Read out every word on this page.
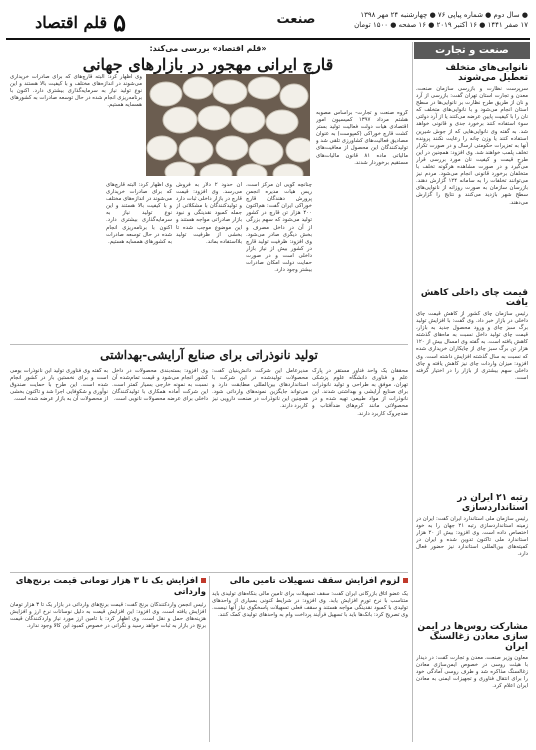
۵
قلم اقتصاد	صنعت	● سال دوم ● شماره پیاپی ۷۶ ● چهارشنبه ۲۴ مهر ۱۳۹۸
۱۷ صفر ۱۴۴۱ ● ۱۶ اکتبر ۲۰۱۹ ● ۱۶ صفحه ● ۱۵۰۰ تومان
صنعت و تجارت
نانوایی‌های متخلف تعطیل می‌شوند
سرپرست نظارت و بازرسی سازمان صنعت، معدن و تجارت استان تهران گفت: بازرسی از آرد و نان از طریق طرح نظارت بر نانوایی‌ها در سطح استان انجام می‌شود و با نانوایی‌های متخلف که نان را با کیفیت پایین عرضه می‌کنند یا از آرد دولتی سوء استفاده کنند برخورد جدی و قانونی خواهد شد. به گفته وی نانوایی‌هایی که از جوش شیرین استفاده کنند یا وزن چانه را رعایت نکنند پرونده آنها به تعزیرات حکومتی ارسال و در صورت تکرار تخلف پلمب خواهند شد. وی افزود: همچنین در این طرح قیمت و کیفیت نان مورد بررسی قرار می‌گیرد و در صورت مشاهده هرگونه تخلف با متخلفان برخورد قانونی انجام می‌شود. مردم نیز می‌توانند تخلفات را به سامانه ۱۲۴ گزارش دهند. بازرسان سازمان به صورت روزانه از نانوایی‌های سطح شهر بازدید می‌کنند و نتایج را گزارش می‌دهند.
قیمت چای داخلی کاهش یافت
رئیس سازمان چای کشور از کاهش قیمت چای داخلی در بازار خبر داد. وی گفت: با افزایش تولید برگ سبز چای و ورود محصول جدید به بازار، قیمت چای تولید داخل نسبت به ماه‌های گذشته کاهش یافته است. به گفته وی امسال بیش از ۱۲۰ هزار تن برگ سبز چای از چایکاران خریداری شده که نسبت به سال گذشته افزایش داشته است. وی افزود: میزان واردات چای نیز کاهش یافته و چای داخلی سهم بیشتری از بازار را در اختیار گرفته است.
رتبه ۲۱ ایران در استانداردسازی
رئیس سازمان ملی استاندارد ایران گفت: ایران در زمینه استانداردسازی رتبه ۲۱ جهان را به خود اختصاص داده است. وی افزود: بیش از ۲۰ هزار استاندارد ملی تاکنون تدوین شده و ایران در کمیته‌های بین‌المللی استاندارد نیز حضور فعال دارد.
مشارکت روس‌ها در ایمن سازی معادن زغالسنگ ایران
معاون وزیر صنعت، معدن و تجارت گفت: در دیدار با هیئت روسی در خصوص ایمن‌سازی معادن زغالسنگ مذاکره شد و طرف روسی آمادگی خود را برای انتقال فناوری و تجهیزات ایمنی به معادن ایران اعلام کرد.
«قلم اقتصاد» بررسی می‌کند:
قارچ ایرانی مهجور در بازارهای جهانی
گروه صنعت و تجارت- براساس مصوبه هشتم مرداد ۱۳۹۷ کمیسیون امور اقتصادی هیات دولت فعالیت تولید بستر کشت قارچ خوراکی (کمپوست) به عنوان مصادیق فعالیت‌های کشاورزی تلقی شد و تولیدکنندگان این محصول از معافیت‌های مالیاتی ماده ۸۱ قانون مالیات‌های مستقیم برخوردار شدند.
چنانچه گویی آن مرکز است، ریس هیات مدیره انجمن پرورش دهندگان قارچ خوراکی ایران گفت: هم‌اکنون ۴۰۰ هزار تن قارچ در کشور تولید می‌شود که سهم بزرگی از آن در داخل مصرف و بخش دیگری صادر می‌شود. وی افزود: ظرفیت تولید قارچ در کشور بیش از نیاز بازار داخلی است و در صورت حمایت دولت امکان صادرات بیشتر وجود دارد.
آن حدود ۲ دلار به فروش می‌رسد. وی افزود: قیمت قارچ در بازار داخلی ثبات دارد و تولیدکنندگان با مشکلاتی از جمله کمبود نقدینگی و نبود بازار صادراتی مواجه هستند و این موضوع موجب شده تا بخشی از ظرفیت تولید بلااستفاده بماند.
وی اظهار کرد: البته قارچ‌های که برای صادرات خریداری می‌شوند در اندازه‌های مختلف و با کیفیت بالا هستند و این نوع تولید نیاز به سرمایه‌گذاری بیشتری دارد. اکنون با برنامه‌ریزی انجام شده در حال توسعه صادرات به کشورهای همسایه هستیم.
وی اظهار کرد: البته قارچ‌های که برای صادرات خریداری می‌شوند در اندازه‌های مختلف و با کیفیت بالا هستند و این نوع تولید نیاز به سرمایه‌گذاری بیشتری دارد. اکنون با برنامه‌ریزی انجام شده در حال توسعه صادرات به کشورهای همسایه هستیم.
تولید نانوذراتی برای صنایع آرایشی-بهداشتی
محققان یک واحد فناور مستقر در پارک علم و فناوری دانشگاه علوم پزشکی تهران، موفق به طراحی و تولید نانوذرات برای صنایع آرایشی و بهداشتی شدند. این نانوذرات از مواد طبیعی تهیه شده و در محصولاتی مانند کرم‌های ضدآفتاب و ضدچروک کاربرد دارند.
مدیرعامل این شرکت دانش‌بنیان گفت: محصولات تولیدشده در این شرکت با استانداردهای بین‌المللی مطابقت دارد و می‌تواند جایگزین نمونه‌های وارداتی شود. همچنین این نانوذرات در صنعت دارویی نیز کاربرد دارند.
وی افزود: بسته‌بندی محصولات در داخل کشور انجام می‌شود و قیمت تمام‌شده آن نسبت به نمونه خارجی بسیار کمتر است. این شرکت آماده همکاری با تولیدکنندگان داخلی برای عرضه محصولات نانویی است.
به گفته وی فناوری تولید این نانوذرات بومی است و برای نخستین بار در کشور انجام شده است. این طرح با حمایت صندوق نوآوری و شکوفایی اجرا شد و تاکنون بخشی از محصولات آن به بازار عرضه شده است.
لزوم افزایش سقف تسهیلات تامین مالی
یک عضو اتاق بازرگانی ایران گفت: سقف تسهیلات برای تأمین مالی بنگاه‌های تولیدی باید متناسب با نرخ تورم افزایش یابد. وی افزود: در شرایط کنونی بسیاری از واحدهای تولیدی با کمبود نقدینگی مواجه هستند و سقف فعلی تسهیلات پاسخگوی نیاز آنها نیست. وی تصریح کرد: بانک‌ها باید با تسهیل فرآیند پرداخت وام به واحدهای تولیدی کمک کنند.
افزایش یک تا ۳ هزار تومانی قیمت برنج‌های وارداتی
رئیس انجمن واردکنندگان برنج گفت: قیمت برنج‌های وارداتی در بازار یک تا ۳ هزار تومان افزایش یافته است. وی افزود: این افزایش قیمت به دلیل نوسانات نرخ ارز و افزایش هزینه‌های حمل و نقل است. وی اظهار کرد: با تامین ارز مورد نیاز واردکنندگان قیمت برنج در بازار به ثبات خواهد رسید و نگرانی در خصوص کمبود این کالا وجود ندارد.
